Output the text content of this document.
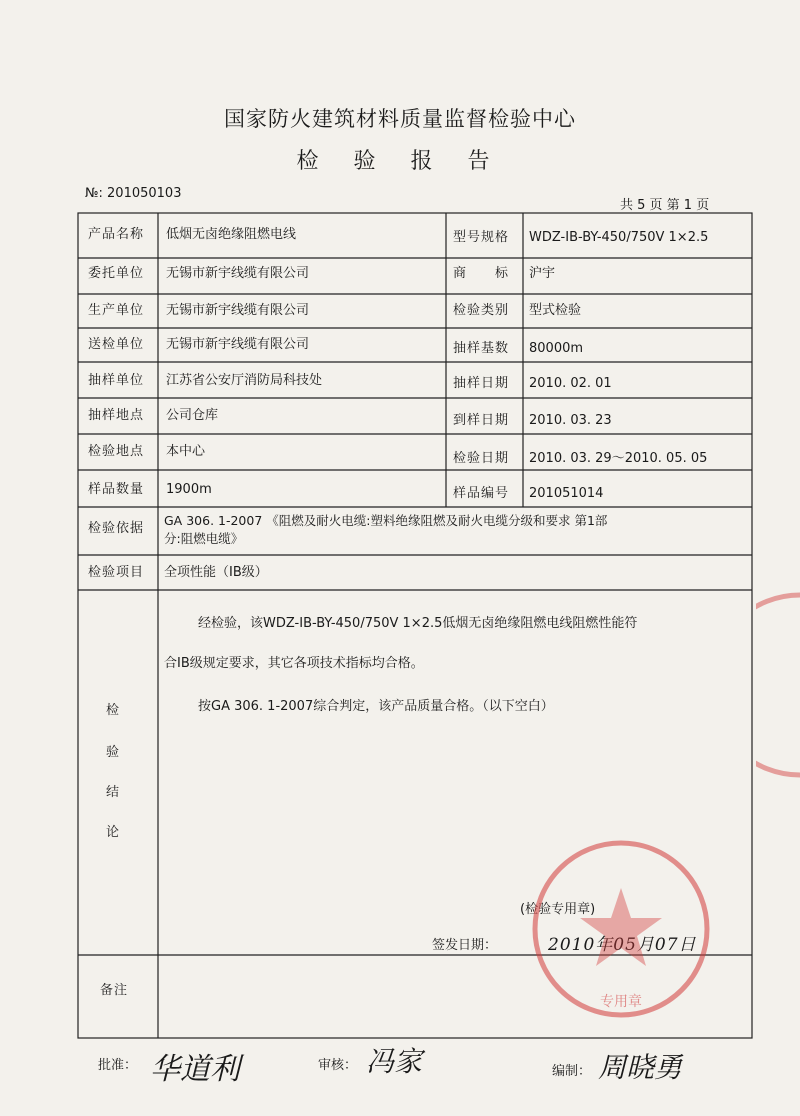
国家防火建筑材料质量监督检验中心
检 验 报 告
№: 201050103
共 5 页 第 1 页
产品名称 低烟无卤绝缘阻燃电线	型号规格 WDZ-ⅠB-BY-450/750V 1×2.5
委托单位 无锡市新宇线缆有限公司	商　　标 沪宇
生产单位 无锡市新宇线缆有限公司	检验类别 型式检验
送检单位 无锡市新宇线缆有限公司	抽样基数 80000m
抽样单位 江苏省公安厅消防局科技处	抽样日期 2010. 02. 01
抽样地点 公司仓库	到样日期 2010. 03. 23
检验地点 本中心	检验日期 2010. 03. 29～2010. 05. 05
样品数量 1900m	样品编号 201051014
检验依据
GA 306. 1-2007 《阻燃及耐火电缆:塑料绝缘阻燃及耐火电缆分级和要求 第1部
分:阻燃电缆》
检验项目 全项性能（ⅠB级）
检
验
结
论
经检验，该WDZ-ⅠB-BY-450/750V 1×2.5低烟无卤绝缘阻燃电线阻燃性能符
合ⅠB级规定要求，其它各项技术指标均合格。
按GA 306. 1-2007综合判定，该产品质量合格。（以下空白）
(检验专用章)
签发日期：	2010年05月07日
专用章
备注
批准： 华道利	审核： 冯家	编制： 周晓勇
